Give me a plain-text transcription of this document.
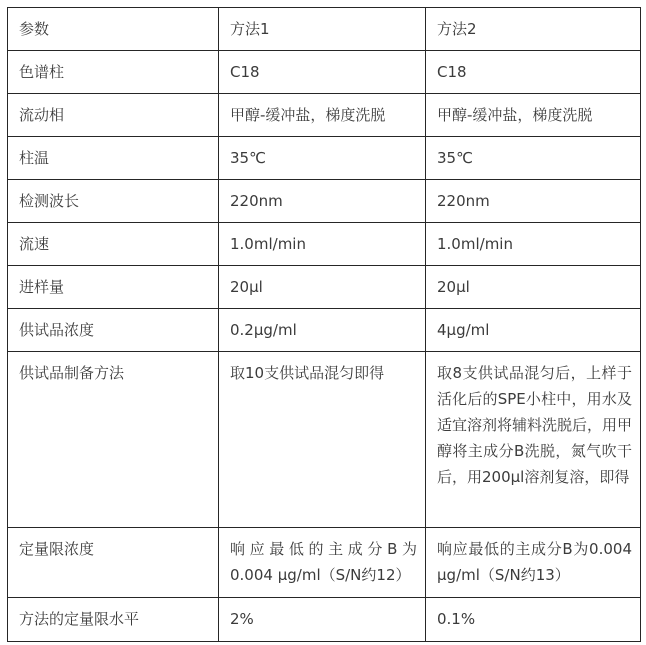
参数	方法1	方法2
色谱柱	C18	C18
流动相	甲醇-缓冲盐，梯度洗脱	甲醇-缓冲盐，梯度洗脱
柱温	35℃	35℃
检测波长	220nm	220nm
流速	1.0ml/min	1.0ml/min
进样量	20μl	20μl
供试品浓度	0.2μg/ml	4μg/ml
供试品制备方法	取10支供试品混匀即得	取8支供试品混匀后，上样于活化后的SPE小柱中，用水及适宜溶剂将辅料洗脱后，用甲醇将主成分B洗脱，氮气吹干后，用200μl溶剂复溶，即得
定量限浓度	响应最低的主成分B为0.004 μg/ml（S/N约12）	响应最低的主成分B为0.004 μg/ml（S/N约13）
方法的定量限水平	2%	0.1%
